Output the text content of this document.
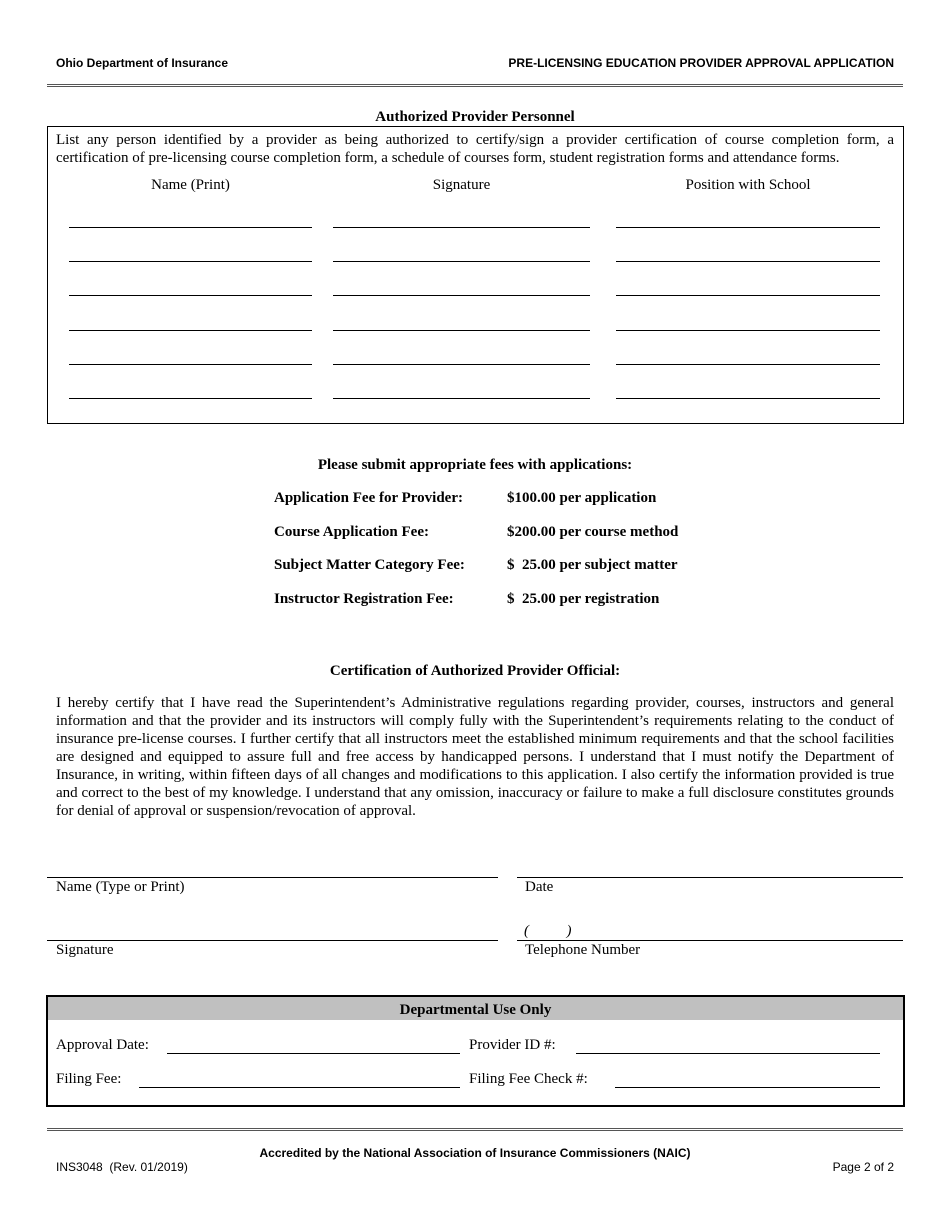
Ohio Department of Insurance	PRE-LICENSING EDUCATION PROVIDER APPROVAL APPLICATION
Authorized Provider Personnel
List any person identified by a provider as being authorized to certify/sign a provider certification of course completion form, a certification of pre-licensing course completion form, a schedule of courses form, student registration forms and attendance forms.
Name (Print)	Signature	Position with School
Please submit appropriate fees with applications:
Application Fee for Provider:	$100.00 per application
Course Application Fee:	$200.00 per course method
Subject Matter Category Fee:	$  25.00 per subject matter
Instructor Registration Fee:	$  25.00 per registration
Certification of Authorized Provider Official:
I hereby certify that I have read the Superintendent’s Administrative regulations regarding provider, courses, instructors and general information and that the provider and its instructors will comply fully with the Superintendent’s requirements relating to the conduct of insurance pre-license courses. I further certify that all instructors meet the established minimum requirements and that the school facilities are designed and equipped to assure full and free access by handicapped persons. I understand that I must notify the Department of Insurance, in writing, within fifteen days of all changes and modifications to this application. I also certify the information provided is true and correct to the best of my knowledge. I understand that any omission, inaccuracy or failure to make a full disclosure constitutes grounds for denial of approval or suspension/revocation of approval.
Name (Type or Print)	Date
(          )
Signature	Telephone Number
Departmental Use Only
Approval Date:	Provider ID #:
Filing Fee:	Filing Fee Check #:
Accredited by the National Association of Insurance Commissioners (NAIC)
INS3048  (Rev. 01/2019)	Page 2 of 2
